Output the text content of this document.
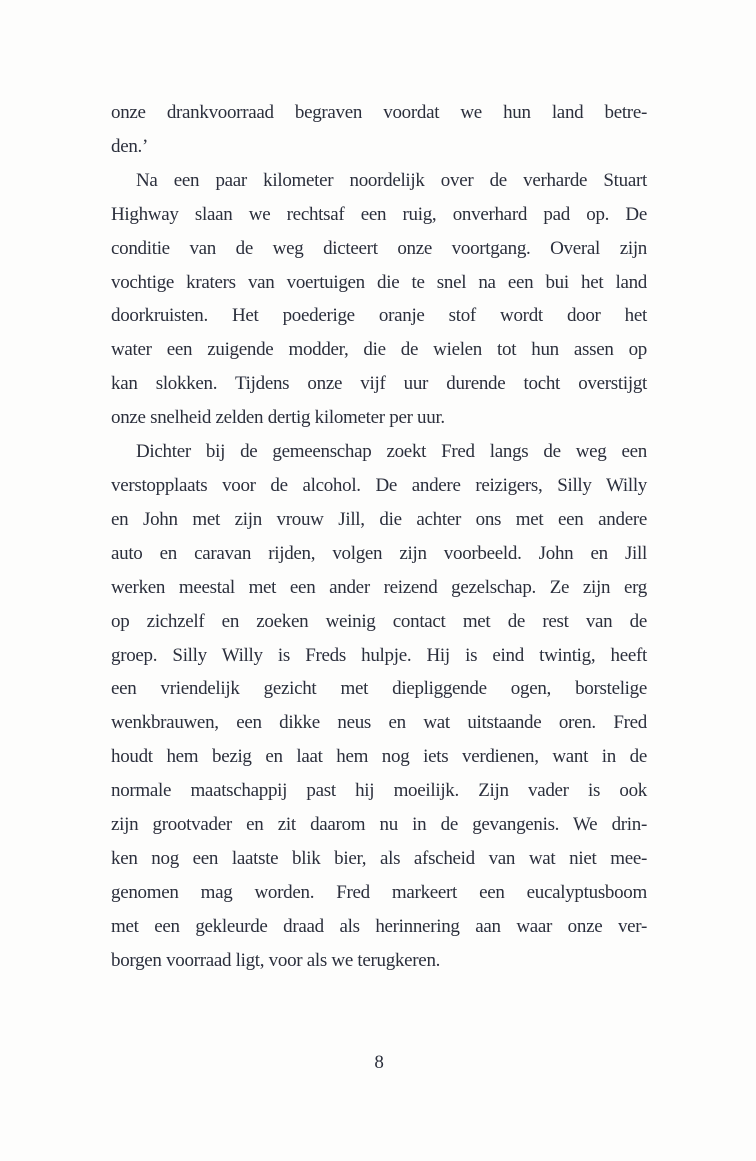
onze drankvoorraad begraven voordat we hun land betre-
den.’
Na een paar kilometer noordelijk over de verharde Stuart
Highway slaan we rechtsaf een ruig, onverhard pad op. De
conditie van de weg dicteert onze voortgang. Overal zijn
vochtige kraters van voertuigen die te snel na een bui het land
doorkruisten. Het poederige oranje stof wordt door het
water een zuigende modder, die de wielen tot hun assen op
kan slokken. Tijdens onze vijf uur durende tocht overstijgt
onze snelheid zelden dertig kilometer per uur.
Dichter bij de gemeenschap zoekt Fred langs de weg een
verstopplaats voor de alcohol. De andere reizigers, Silly Willy
en John met zijn vrouw Jill, die achter ons met een andere
auto en caravan rijden, volgen zijn voorbeeld. John en Jill
werken meestal met een ander reizend gezelschap. Ze zijn erg
op zichzelf en zoeken weinig contact met de rest van de
groep. Silly Willy is Freds hulpje. Hij is eind twintig, heeft
een vriendelijk gezicht met diepliggende ogen, borstelige
wenkbrauwen, een dikke neus en wat uitstaande oren. Fred
houdt hem bezig en laat hem nog iets verdienen, want in de
normale maatschappij past hij moeilijk. Zijn vader is ook
zijn grootvader en zit daarom nu in de gevangenis. We drin-
ken nog een laatste blik bier, als afscheid van wat niet mee-
genomen mag worden. Fred markeert een eucalyptusboom
met een gekleurde draad als herinnering aan waar onze ver-
borgen voorraad ligt, voor als we terugkeren.
8
